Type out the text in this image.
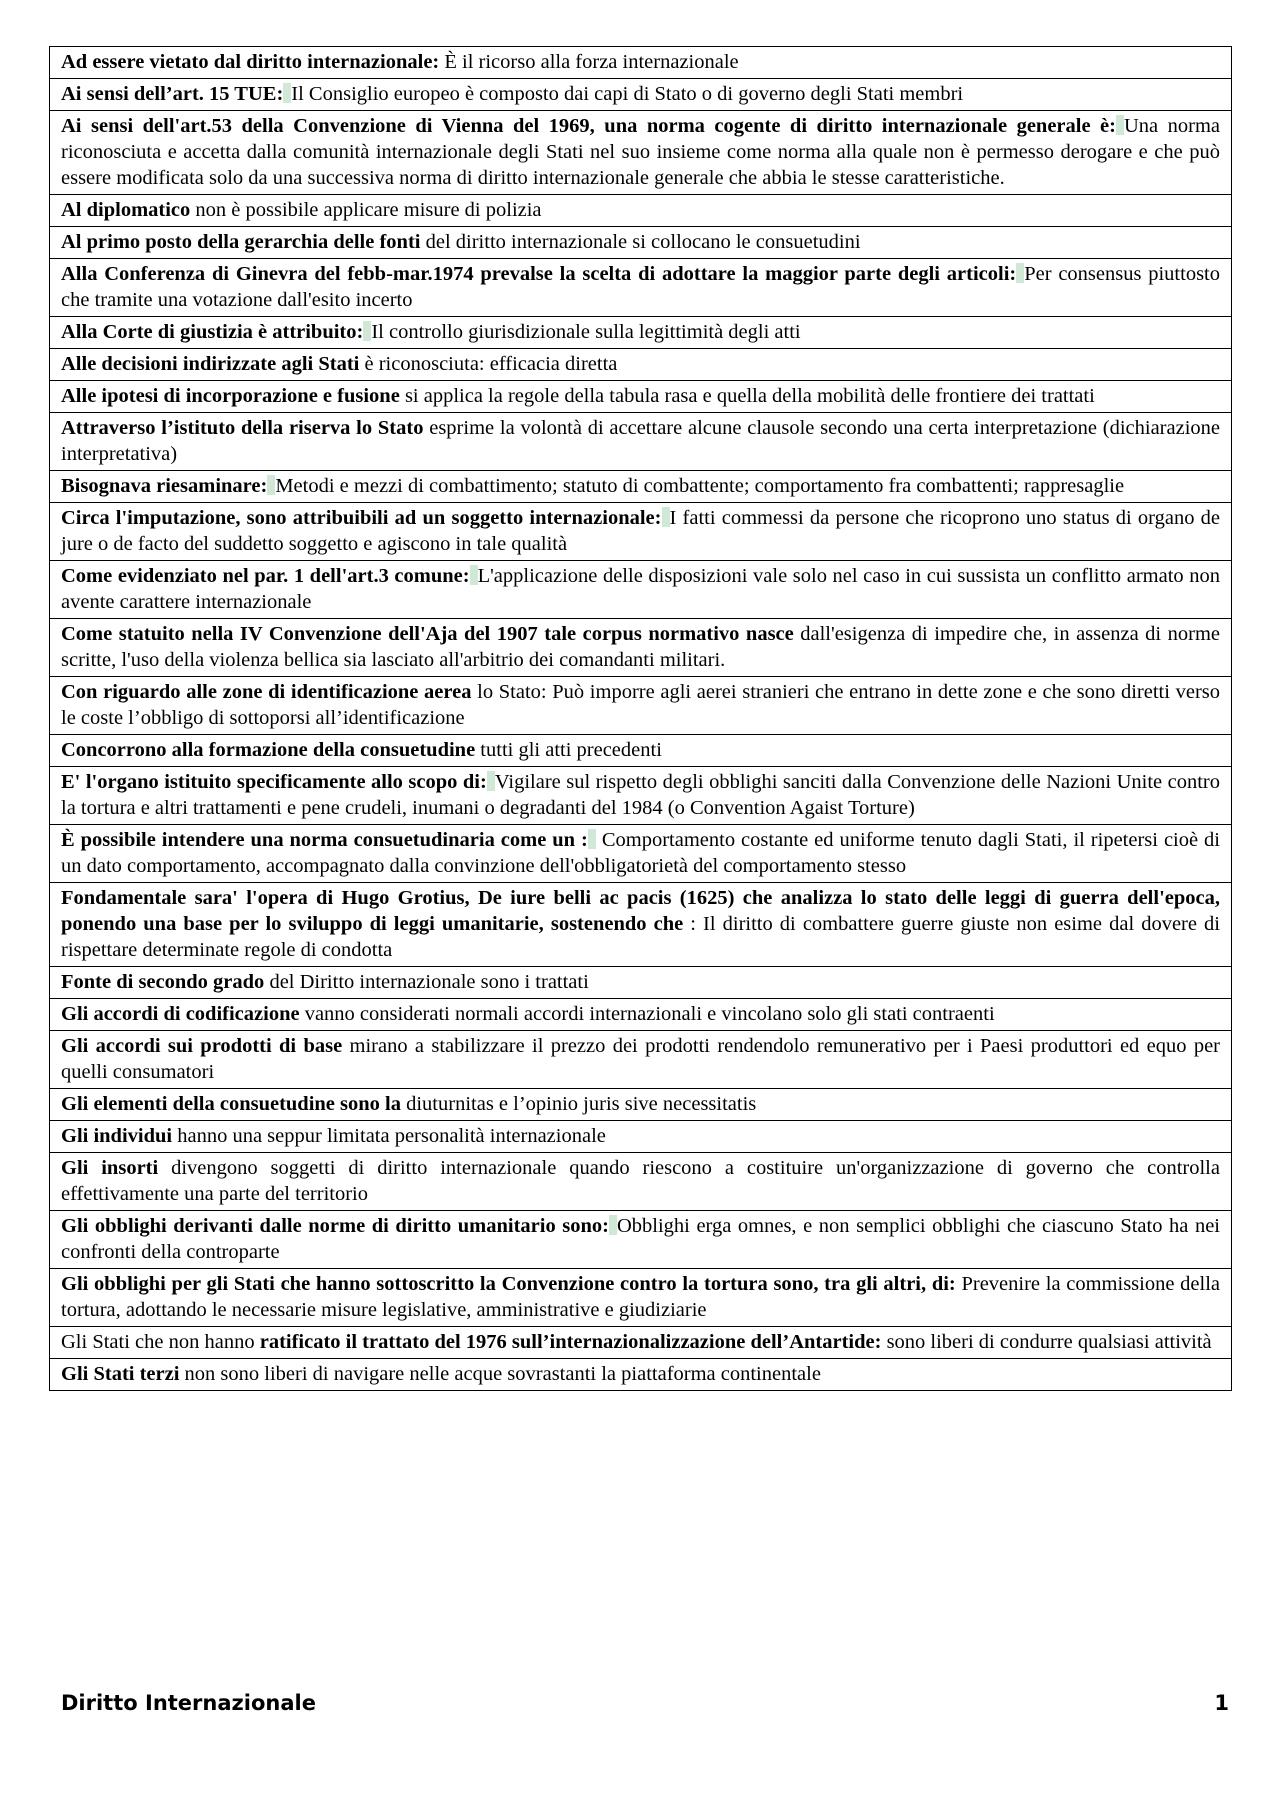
Ad essere vietato dal diritto internazionale: È il ricorso alla forza internazionale
Ai sensi dell’art. 15 TUE: Il Consiglio europeo è composto dai capi di Stato o di governo degli Stati membri
Ai sensi dell'art.53 della Convenzione di Vienna del 1969, una norma cogente di diritto internazionale generale è: Una norma riconosciuta e accetta dalla comunità internazionale degli Stati nel suo insieme come norma alla quale non è permesso derogare e che può essere modificata solo da una successiva norma di diritto internazionale generale che abbia le stesse caratteristiche.
Al diplomatico non è possibile applicare misure di polizia
Al primo posto della gerarchia delle fonti del diritto internazionale si collocano le consuetudini
Alla Conferenza di Ginevra del febb-mar.1974 prevalse la scelta di adottare la maggior parte degli articoli: Per consensus piuttosto che tramite una votazione dall'esito incerto
Alla Corte di giustizia è attribuito: Il controllo giurisdizionale sulla legittimità degli atti
Alle decisioni indirizzate agli Stati è riconosciuta: efficacia diretta
Alle ipotesi di incorporazione e fusione si applica la regole della tabula rasa e quella della mobilità delle frontiere dei trattati
Attraverso l’istituto della riserva lo Stato esprime la volontà di accettare alcune clausole secondo una certa interpretazione (dichiarazione interpretativa)
Bisognava riesaminare: Metodi e mezzi di combattimento; statuto di combattente; comportamento fra combattenti; rappresaglie
Circa l'imputazione, sono attribuibili ad un soggetto internazionale: I fatti commessi da persone che ricoprono uno status di organo de jure o de facto del suddetto soggetto e agiscono in tale qualità
Come evidenziato nel par. 1 dell'art.3 comune: L'applicazione delle disposizioni vale solo nel caso in cui sussista un conflitto armato non avente carattere internazionale
Come statuito nella IV Convenzione dell'Aja del 1907 tale corpus normativo nasce dall'esigenza di impedire che, in assenza di norme scritte, l'uso della violenza bellica sia lasciato all'arbitrio dei comandanti militari.
Con riguardo alle zone di identificazione aerea lo Stato: Può imporre agli aerei stranieri che entrano in dette zone e che sono diretti verso le coste l’obbligo di sottoporsi all’identificazione
Concorrono alla formazione della consuetudine tutti gli atti precedenti
E' l'organo istituito specificamente allo scopo di: Vigilare sul rispetto degli obblighi sanciti dalla Convenzione delle Nazioni Unite contro la tortura e altri trattamenti e pene crudeli, inumani o degradanti del 1984 (o Convention Agaist Torture)
È possibile intendere una norma consuetudinaria come un : Comportamento costante ed uniforme tenuto dagli Stati, il ripetersi cioè di un dato comportamento, accompagnato dalla convinzione dell'obbligatorietà del comportamento stesso
Fondamentale sara' l'opera di Hugo Grotius, De iure belli ac pacis (1625) che analizza lo stato delle leggi di guerra dell'epoca, ponendo una base per lo sviluppo di leggi umanitarie, sostenendo che : Il diritto di combattere guerre giuste non esime dal dovere di rispettare determinate regole di condotta
Fonte di secondo grado del Diritto internazionale sono i trattati
Gli accordi di codificazione vanno considerati normali accordi internazionali e vincolano solo gli stati contraenti
Gli accordi sui prodotti di base mirano a stabilizzare il prezzo dei prodotti rendendolo remunerativo per i Paesi produttori ed equo per quelli consumatori
Gli elementi della consuetudine sono la diuturnitas e l’opinio juris sive necessitatis
Gli individui hanno una seppur limitata personalità internazionale
Gli insorti divengono soggetti di diritto internazionale quando riescono a costituire un'organizzazione di governo che controlla effettivamente una parte del territorio
Gli obblighi derivanti dalle norme di diritto umanitario sono: Obblighi erga omnes, e non semplici obblighi che ciascuno Stato ha nei confronti della controparte
Gli obblighi per gli Stati che hanno sottoscritto la Convenzione contro la tortura sono, tra gli altri, di: Prevenire la commissione della tortura, adottando le necessarie misure legislative, amministrative e giudiziarie
Gli Stati che non hanno ratificato il trattato del 1976 sull’internazionalizzazione dell’Antartide: sono liberi di condurre qualsiasi attività
Gli Stati terzi non sono liberi di navigare nelle acque sovrastanti la piattaforma continentale
Diritto Internazionale	1
